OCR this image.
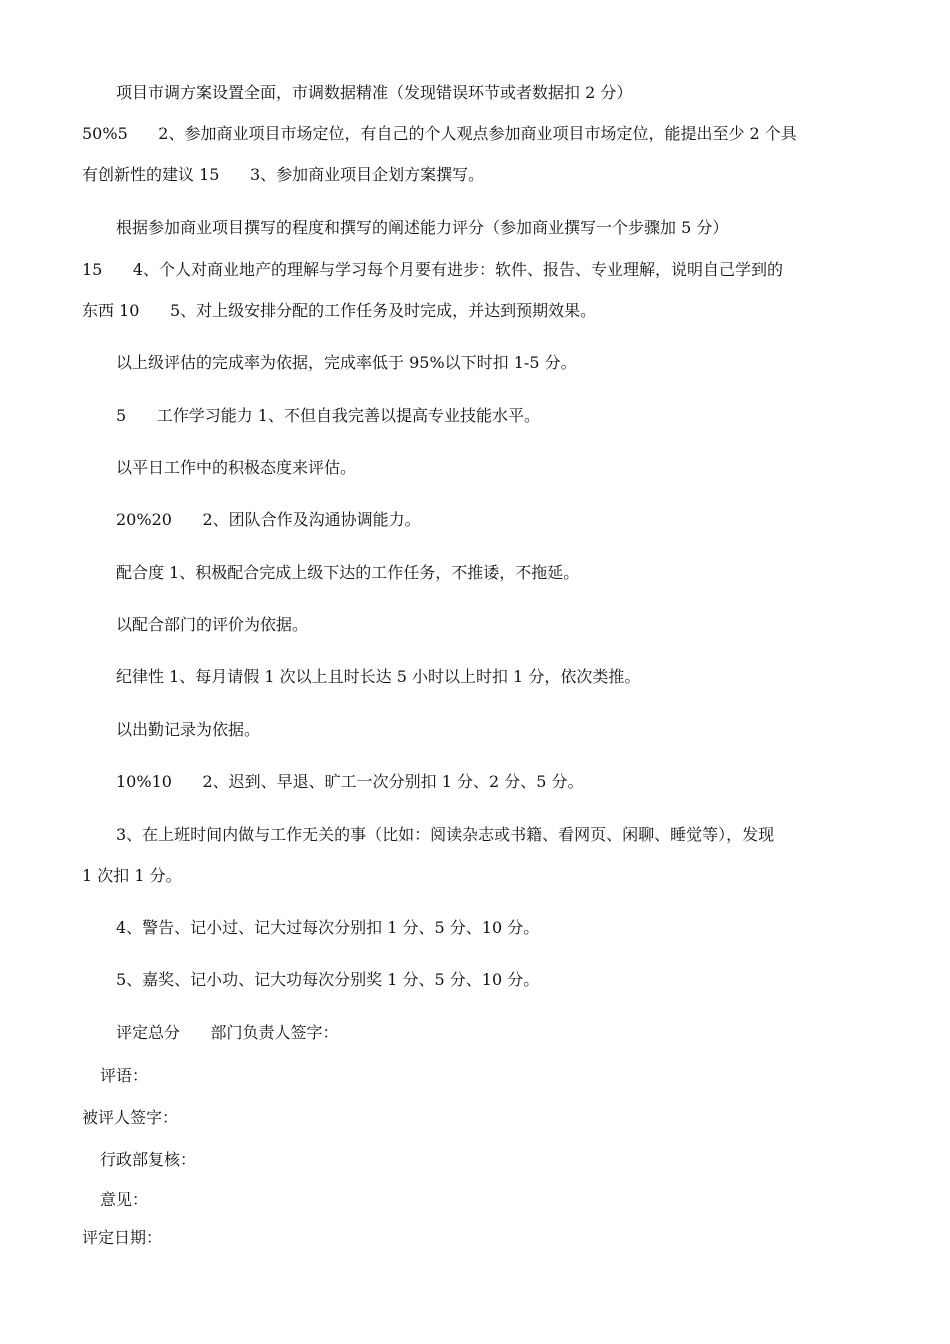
项目市调方案设置全面，市调数据精准（发现错误环节或者数据扣 2 分）

50%5      2、参加商业项目市场定位，有自己的个人观点参加商业项目市场定位，能提出至少 2 个具

有创新性的建议 15      3、参加商业项目企划方案撰写。

根据参加商业项目撰写的程度和撰写的阐述能力评分（参加商业撰写一个步骤加 5 分）

15      4、个人对商业地产的理解与学习每个月要有进步：软件、报告、专业理解，说明自己学到的

东西 10      5、对上级安排分配的工作任务及时完成，并达到预期效果。

以上级评估的完成率为依据，完成率低于 95%以下时扣 1-5 分。

5      工作学习能力 1、不但自我完善以提高专业技能水平。

以平日工作中的积极态度来评估。

20%20      2、团队合作及沟通协调能力。

配合度 1、积极配合完成上级下达的工作任务，不推诿，不拖延。

以配合部门的评价为依据。

纪律性 1、每月请假 1 次以上且时长达 5 小时以上时扣 1 分，依次类推。

以出勤记录为依据。

10%10      2、迟到、早退、旷工一次分别扣 1 分、2 分、5 分。

3、在上班时间内做与工作无关的事（比如：阅读杂志或书籍、看网页、闲聊、睡觉等），发现

1 次扣 1 分。

4、警告、记小过、记大过每次分别扣 1 分、5 分、10 分。

5、嘉奖、记小功、记大功每次分别奖 1 分、5 分、10 分。

评定总分      部门负责人签字：

评语：

被评人签字：

行政部复核：

意见：

评定日期：
